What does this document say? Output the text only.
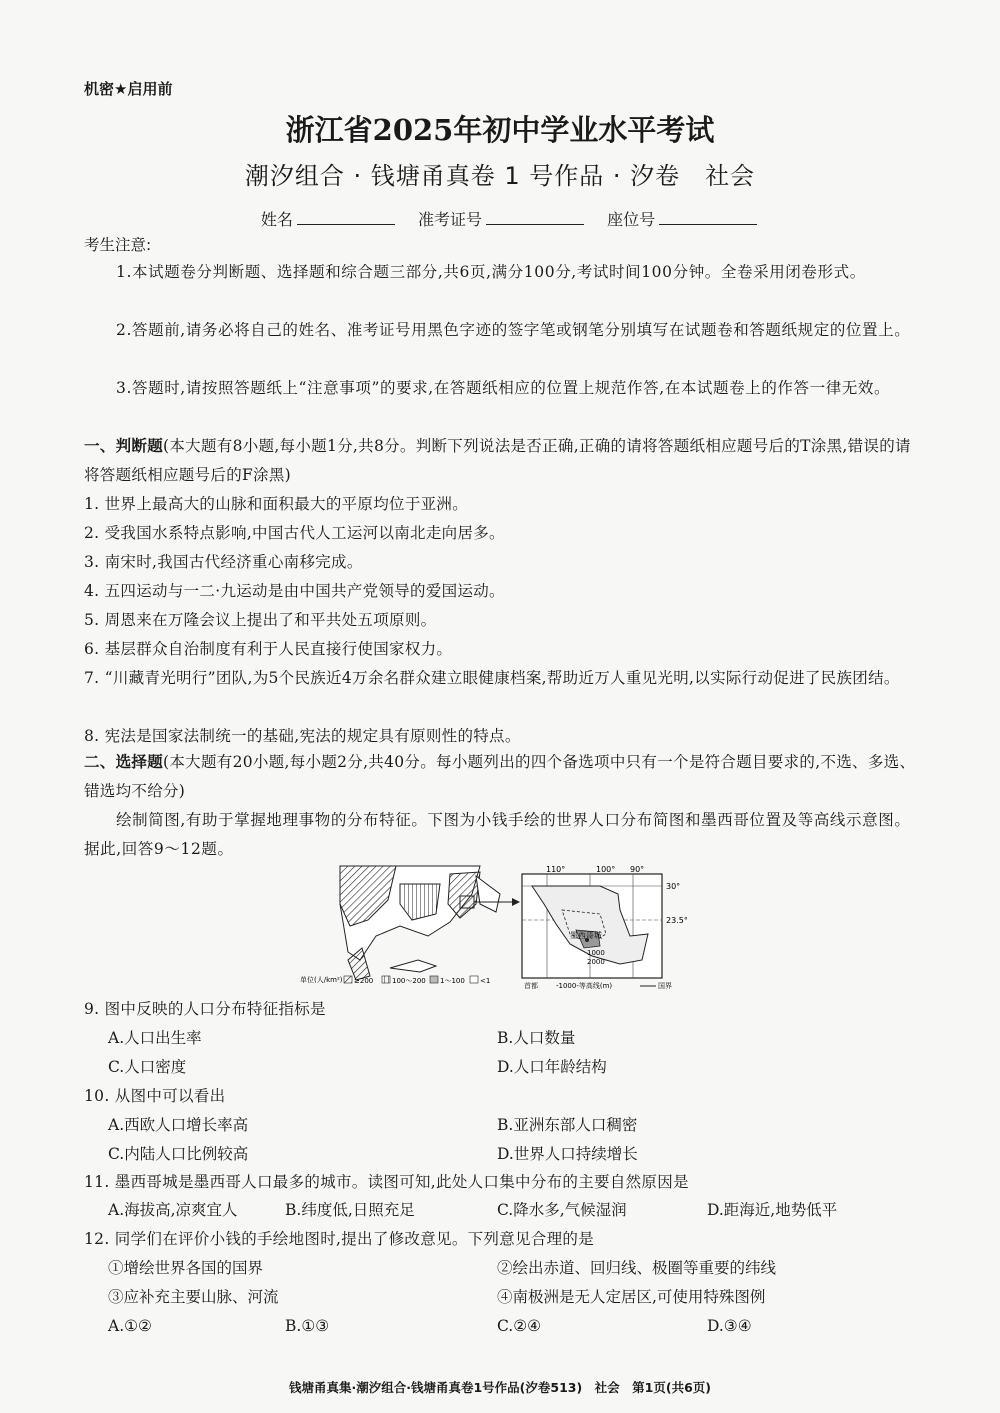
机密★启用前
浙江省2025年初中学业水平考试
潮汐组合 · 钱塘甬真卷 1 号作品 · 汐卷　社会
姓名	准考证号	座位号
考生注意:
1.本试题卷分判断题、选择题和综合题三部分,共6页,满分100分,考试时间100分钟。全卷采用闭卷形式。
2.答题前,请务必将自己的姓名、准考证号用黑色字迹的签字笔或钢笔分别填写在试题卷和答题纸规定的位置上。
3.答题时,请按照答题纸上“注意事项”的要求,在答题纸相应的位置上规范作答,在本试题卷上的作答一律无效。
一、判断题(本大题有8小题,每小题1分,共8分。判断下列说法是否正确,正确的请将答题纸相应题号后的T涂黑,错误的请将答题纸相应题号后的F涂黑)
1. 世界上最高大的山脉和面积最大的平原均位于亚洲。
2. 受我国水系特点影响,中国古代人工运河以南北走向居多。
3. 南宋时,我国古代经济重心南移完成。
4. 五四运动与一二·九运动是由中国共产党领导的爱国运动。
5. 周恩来在万隆会议上提出了和平共处五项原则。
6. 基层群众自治制度有利于人民直接行使国家权力。
7. “川藏青光明行”团队,为5个民族近4万余名群众建立眼健康档案,帮助近万人重见光明,以实际行动促进了民族团结。
8. 宪法是国家法制统一的基础,宪法的规定具有原则性的特点。
二、选择题(本大题有20小题,每小题2分,共40分。每小题列出的四个备选项中只有一个是符合题目要求的,不选、多选、错选均不给分)
绘制简图,有助于掌握地理事物的分布特征。下图为小钱手绘的世界人口分布简图和墨西哥位置及等高线示意图。据此,回答9～12题。
110°	100° 90°
30°
23.5°
墨西哥城
1000
2000
单位(人/km²) ≥200	100～200 1～100 <1
首都	-1000-等高线(m)	国界
9. 图中反映的人口分布特征指标是
A.人口出生率	B.人口数量
C.人口密度	D.人口年龄结构
10. 从图中可以看出
A.西欧人口增长率高	B.亚洲东部人口稠密
C.内陆人口比例较高	D.世界人口持续增长
11. 墨西哥城是墨西哥人口最多的城市。读图可知,此处人口集中分布的主要自然原因是
A.海拔高,凉爽宜人	B.纬度低,日照充足	C.降水多,气候湿润	D.距海近,地势低平
12. 同学们在评价小钱的手绘地图时,提出了修改意见。下列意见合理的是
①增绘世界各国的国界	②绘出赤道、回归线、极圈等重要的纬线
③应补充主要山脉、河流	④南极洲是无人定居区,可使用特殊图例
A.①②	B.①③	C.②④	D.③④
钱塘甬真集·潮汐组合·钱塘甬真卷1号作品(汐卷513)　社会　第1页(共6页)
